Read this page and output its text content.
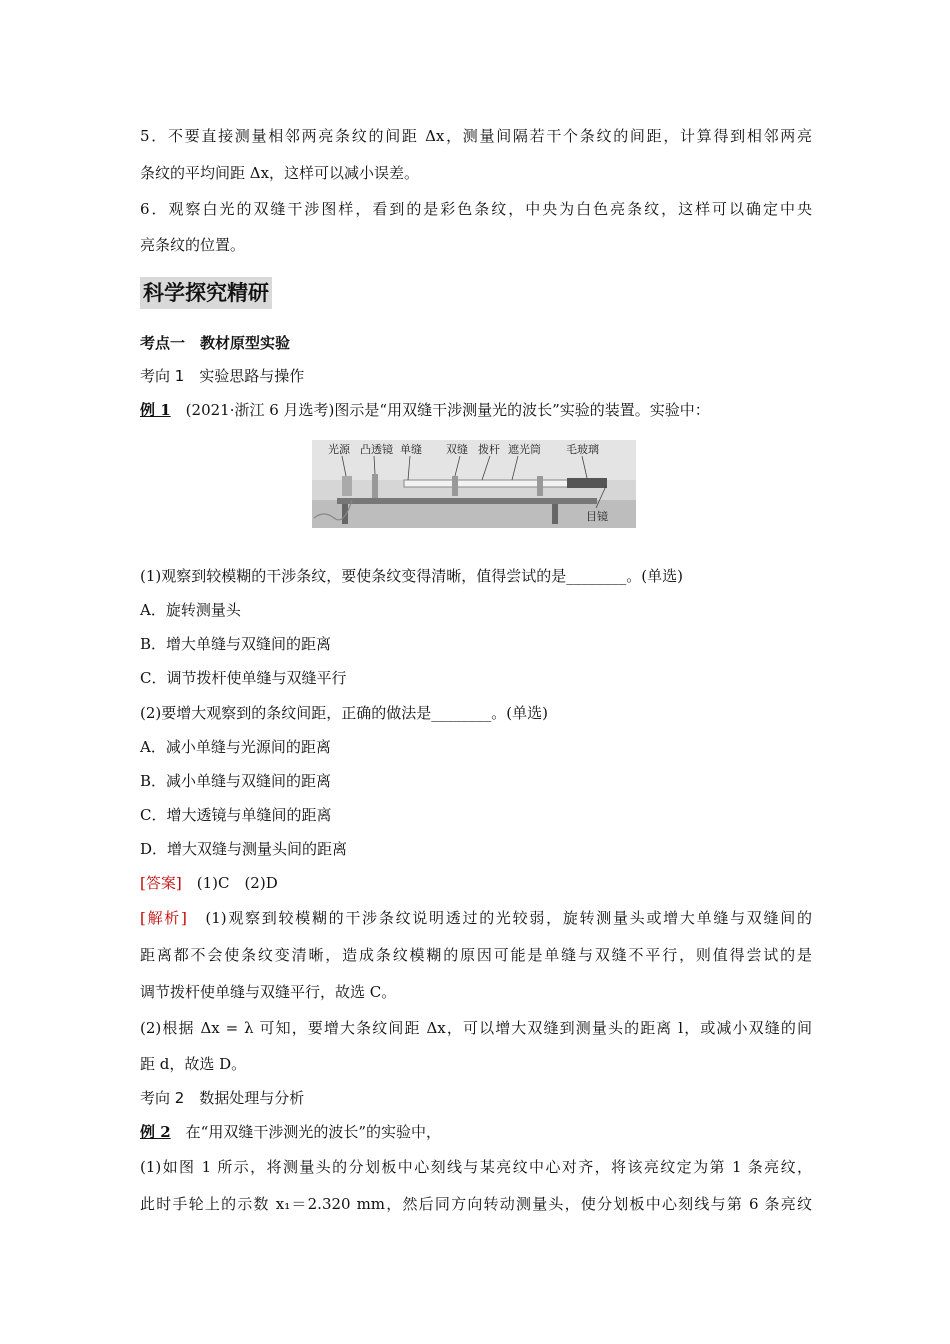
5．不要直接测量相邻两亮条纹的间距 Δx，测量间隔若干个条纹的间距，计算得到相邻两亮
条纹的平均间距 Δx，这样可以减小误差。
6．观察白光的双缝干涉图样，看到的是彩色条纹，中央为白色亮条纹，这样可以确定中央
亮条纹的位置。
科学探究精研
考点一　教材原型实验
考向 1　实验思路与操作
例 1　(2021·浙江 6 月选考)图示是“用双缝干涉测量光的波长”实验的装置。实验中：
光源 凸透镜 单缝 双缝 拨杆 遮光筒 毛玻璃
目镜
(1)观察到较模糊的干涉条纹，要使条纹变得清晰，值得尝试的是________。(单选)
A．旋转测量头
B．增大单缝与双缝间的距离
C．调节拨杆使单缝与双缝平行
(2)要增大观察到的条纹间距，正确的做法是________。(单选)
A．减小单缝与光源间的距离
B．减小单缝与双缝间的距离
C．增大透镜与单缝间的距离
D．增大双缝与测量头间的距离
[答案]　(1)C　(2)D
[解析]　(1)观察到较模糊的干涉条纹说明透过的光较弱，旋转测量头或增大单缝与双缝间的
距离都不会使条纹变清晰，造成条纹模糊的原因可能是单缝与双缝不平行，则值得尝试的是
调节拨杆使单缝与双缝平行，故选 C。
(2)根据 Δx = λ 可知，要增大条纹间距 Δx，可以增大双缝到测量头的距离 l，或减小双缝的间
距 d，故选 D。
考向 2　数据处理与分析
例 2　在“用双缝干涉测光的波长”的实验中，
(1)如图 1 所示，将测量头的分划板中心刻线与某亮纹中心对齐，将该亮纹定为第 1 条亮纹，
此时手轮上的示数 x₁＝2.320 mm，然后同方向转动测量头，使分划板中心刻线与第 6 条亮纹
